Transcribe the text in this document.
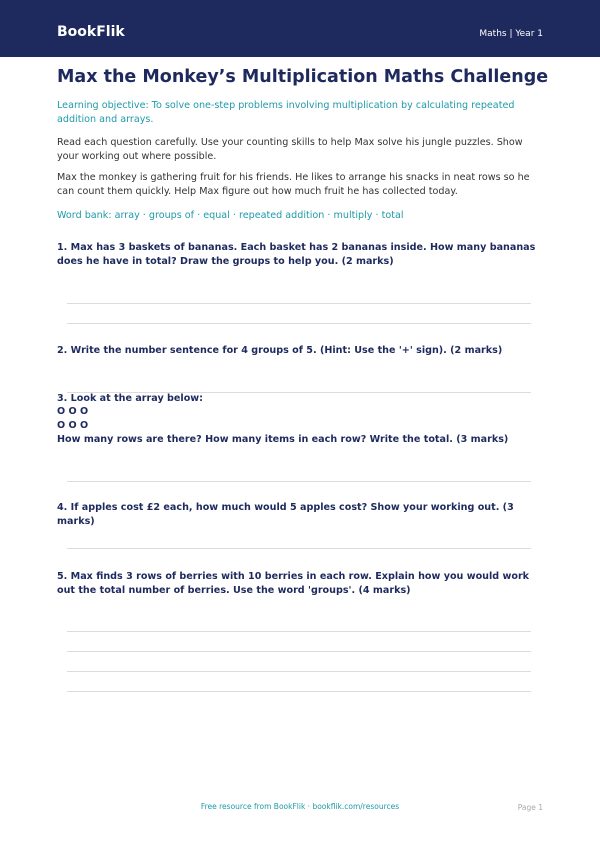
BookFlik	Maths | Year 1
Max the Monkey’s Multiplication Maths Challenge

Learning objective: To solve one-step problems involving multiplication by calculating repeated addition and arrays.

Read each question carefully. Use your counting skills to help Max solve his jungle puzzles. Show your working out where possible.

Max the monkey is gathering fruit for his friends. He likes to arrange his snacks in neat rows so he can count them quickly. Help Max figure out how much fruit he has collected today.

Word bank: array · groups of · equal · repeated addition · multiply · total

1. Max has 3 baskets of bananas. Each basket has 2 bananas inside. How many bananas does he have in total? Draw the groups to help you. (2 marks)

2. Write the number sentence for 4 groups of 5. (Hint: Use the '+' sign). (2 marks)

3. Look at the array below:

O O O

O O O

How many rows are there? How many items in each row? Write the total. (3 marks)

4. If apples cost £2 each, how much would 5 apples cost? Show your working out. (3 marks)

5. Max finds 3 rows of berries with 10 berries in each row. Explain how you would work out the total number of berries. Use the word 'groups'. (4 marks)

Free resource from BookFlik · bookflik.com/resources	Page 1
